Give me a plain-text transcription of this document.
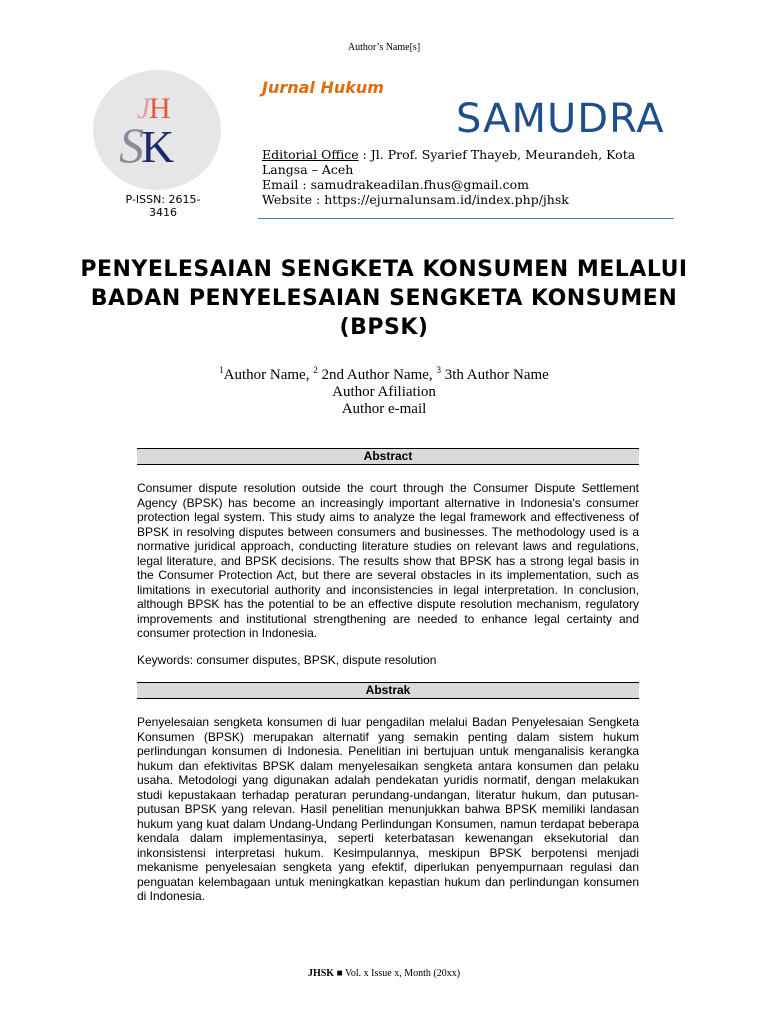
Author’s Name[s]
J
H
S
K
P-ISSN: 2615-3416
Jurnal Hukum
SAMUDRA
Editorial Office : Jl. Prof. Syarief Thayeb, Meurandeh, Kota Langsa – Aceh
Email : samudrakeadilan.fhus@gmail.com
Website : https://ejurnalunsam.id/index.php/jhsk
PENYELESAIAN SENGKETA KONSUMEN MELALUI BADAN PENYELESAIAN SENGKETA KONSUMEN (BPSK)
$^1$Author Name, $^2$ 2nd Author Name, $^3$ 3th Author Name
Author Afiliation
Author e-mail
Abstract
Consumer dispute resolution outside the court through the Consumer Dispute Settlement Agency (BPSK) has become an increasingly important alternative in Indonesia's consumer protection legal system. This study aims to analyze the legal framework and effectiveness of BPSK in resolving disputes between consumers and businesses. The methodology used is a normative juridical approach, conducting literature studies on relevant laws and regulations, legal literature, and BPSK decisions. The results show that BPSK has a strong legal basis in the Consumer Protection Act, but there are several obstacles in its implementation, such as limitations in executorial authority and inconsistencies in legal interpretation. In conclusion, although BPSK has the potential to be an effective dispute resolution mechanism, regulatory improvements and institutional strengthening are needed to enhance legal certainty and consumer protection in Indonesia.
Keywords: consumer disputes, BPSK, dispute resolution
Abstrak
Penyelesaian sengketa konsumen di luar pengadilan melalui Badan Penyelesaian Sengketa Konsumen (BPSK) merupakan alternatif yang semakin penting dalam sistem hukum perlindungan konsumen di Indonesia. Penelitian ini bertujuan untuk menganalisis kerangka hukum dan efektivitas BPSK dalam menyelesaikan sengketa antara konsumen dan pelaku usaha. Metodologi yang digunakan adalah pendekatan yuridis normatif, dengan melakukan studi kepustakaan terhadap peraturan perundang-undangan, literatur hukum, dan putusan-putusan BPSK yang relevan. Hasil penelitian menunjukkan bahwa BPSK memiliki landasan hukum yang kuat dalam Undang-Undang Perlindungan Konsumen, namun terdapat beberapa kendala dalam implementasinya, seperti keterbatasan kewenangan eksekutorial dan inkonsistensi interpretasi hukum. Kesimpulannya, meskipun BPSK berpotensi menjadi mekanisme penyelesaian sengketa yang efektif, diperlukan penyempurnaan regulasi dan penguatan kelembagaan untuk meningkatkan kepastian hukum dan perlindungan konsumen di Indonesia.
JHSK ■ Vol. x Issue x, Month (20xx)
